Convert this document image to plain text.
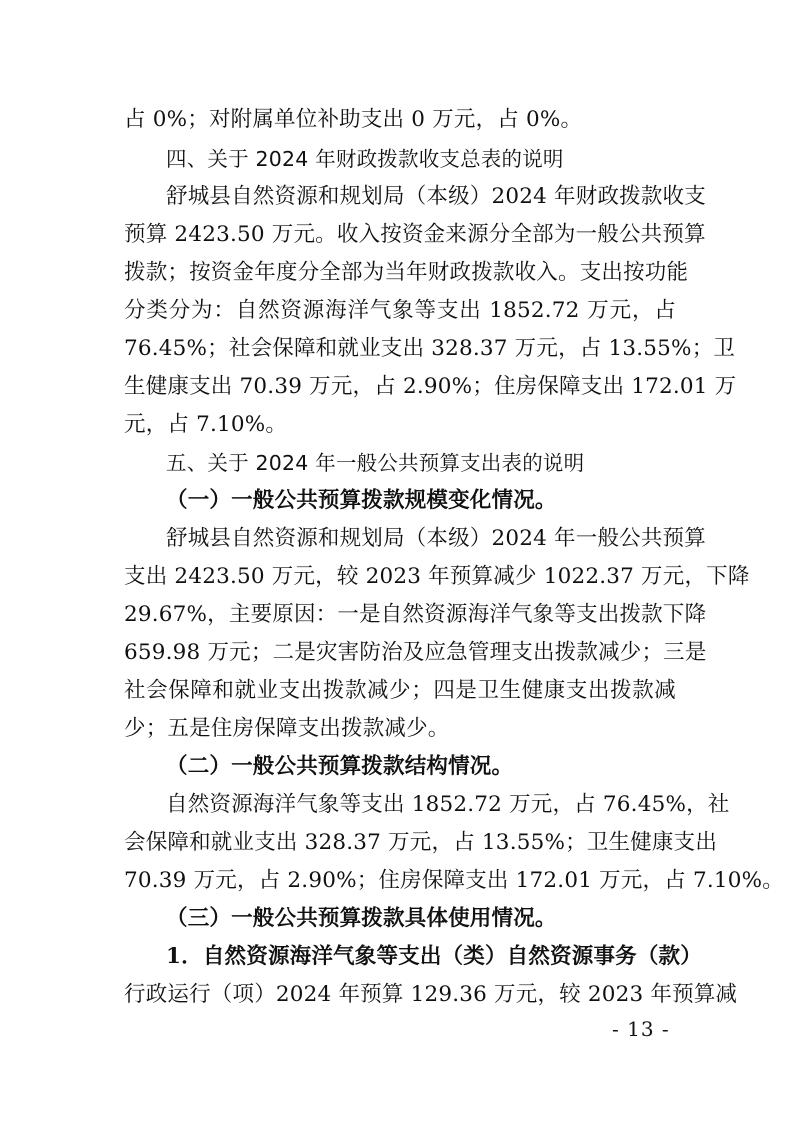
占 0%；对附属单位补助支出 0 万元，占 0%。
四、关于 2024 年财政拨款收支总表的说明
舒城县自然资源和规划局（本级）2024 年财政拨款收支
预算 2423.50 万元。收入按资金来源分全部为一般公共预算
拨款；按资金年度分全部为当年财政拨款收入。支出按功能
分类分为：自然资源海洋气象等支出 1852.72 万元，占
76.45%；社会保障和就业支出 328.37 万元，占 13.55%；卫
生健康支出 70.39 万元，占 2.90%；住房保障支出 172.01 万
元，占 7.10%。
五、关于 2024 年一般公共预算支出表的说明
（一）一般公共预算拨款规模变化情况。
舒城县自然资源和规划局（本级）2024 年一般公共预算
支出 2423.50 万元，较 2023 年预算减少 1022.37 万元，下降
29.67%，主要原因：一是自然资源海洋气象等支出拨款下降
659.98 万元；二是灾害防治及应急管理支出拨款减少；三是
社会保障和就业支出拨款减少；四是卫生健康支出拨款减
少；五是住房保障支出拨款减少。
（二）一般公共预算拨款结构情况。
自然资源海洋气象等支出 1852.72 万元，占 76.45%，社
会保障和就业支出 328.37 万元，占 13.55%；卫生健康支出
70.39 万元，占 2.90%；住房保障支出 172.01 万元，占 7.10%。
（三）一般公共预算拨款具体使用情况。
1．自然资源海洋气象等支出（类）自然资源事务（款）
行政运行（项）2024 年预算 129.36 万元，较 2023 年预算减
- 13 -
